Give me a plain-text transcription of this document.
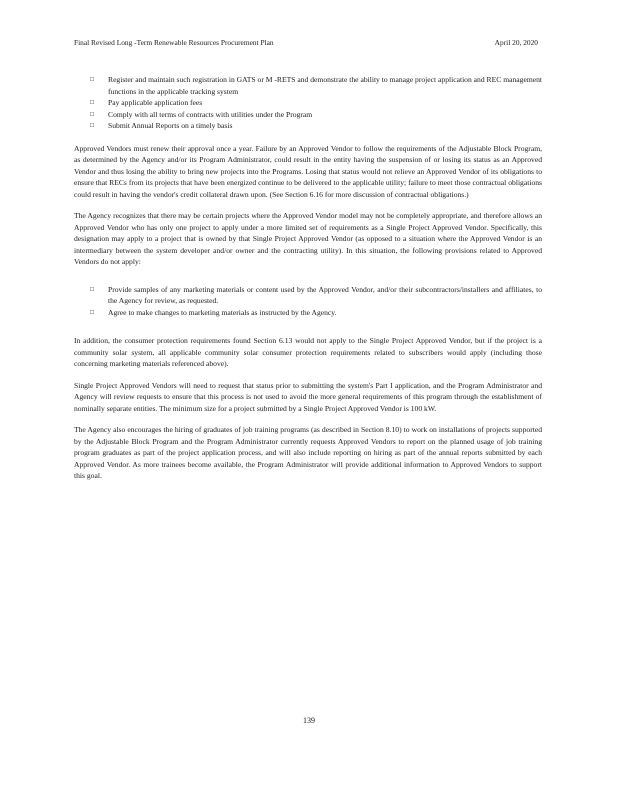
Final Revised Long -Term Renewable Resources Procurement Plan	April 20, 2020
□ Register and maintain such registration in GATS or M -RETS and demonstrate the ability to manage project application and REC management functions in the applicable tracking system
□ Pay applicable application fees
□ Comply with all terms of contracts with utilities under the Program
□ Submit Annual Reports on a timely basis

Approved Vendors must renew their approval once a year. Failure by an Approved Vendor to follow the requirements of the Adjustable Block Program, as determined by the Agency and/or its Program Administrator, could result in the entity having the suspension of or losing its status as an Approved Vendor and thus losing the ability to bring new projects into the Programs. Losing that status would not relieve an Approved Vendor of its obligations to ensure that RECs from its projects that have been energized continue to be delivered to the applicable utility; failure to meet those contractual obligations could result in having the vendor's credit collateral drawn upon. (See Section 6.16 for more discussion of contractual obligations.)

The Agency recognizes that there may be certain projects where the Approved Vendor model may not be completely appropriate, and therefore allows an Approved Vendor who has only one project to apply under a more limited set of requirements as a Single Project Approved Vendor. Specifically, this designation may apply to a project that is owned by that Single Project Approved Vendor (as opposed to a situation where the Approved Vendor is an intermediary between the system developer and/or owner and the contracting utility). In this situation, the following provisions related to Approved Vendors do not apply:

□ Provide samples of any marketing materials or content used by the Approved Vendor, and/or their subcontractors/installers and affiliates, to the Agency for review, as requested.
□ Agree to make changes to marketing materials as instructed by the Agency.

In addition, the consumer protection requirements found Section 6.13 would not apply to the Single Project Approved Vendor, but if the project is a community solar system, all applicable community solar consumer protection requirements related to subscribers would apply (including those concerning marketing materials referenced above).

Single Project Approved Vendors will need to request that status prior to submitting the system's Part I application, and the Program Administrator and Agency will review requests to ensure that this process is not used to avoid the more general requirements of this program through the establishment of nominally separate entities. The minimum size for a project submitted by a Single Project Approved Vendor is 100 kW.

The Agency also encourages the hiring of graduates of job training programs (as described in Section 8.10) to work on installations of projects supported by the Adjustable Block Program and the Program Administrator currently requests Approved Vendors to report on the planned usage of job training program graduates as part of the project application process, and will also include reporting on hiring as part of the annual reports submitted by each Approved Vendor. As more trainees become available, the Program Administrator will provide additional information to Approved Vendors to support this goal.

139
